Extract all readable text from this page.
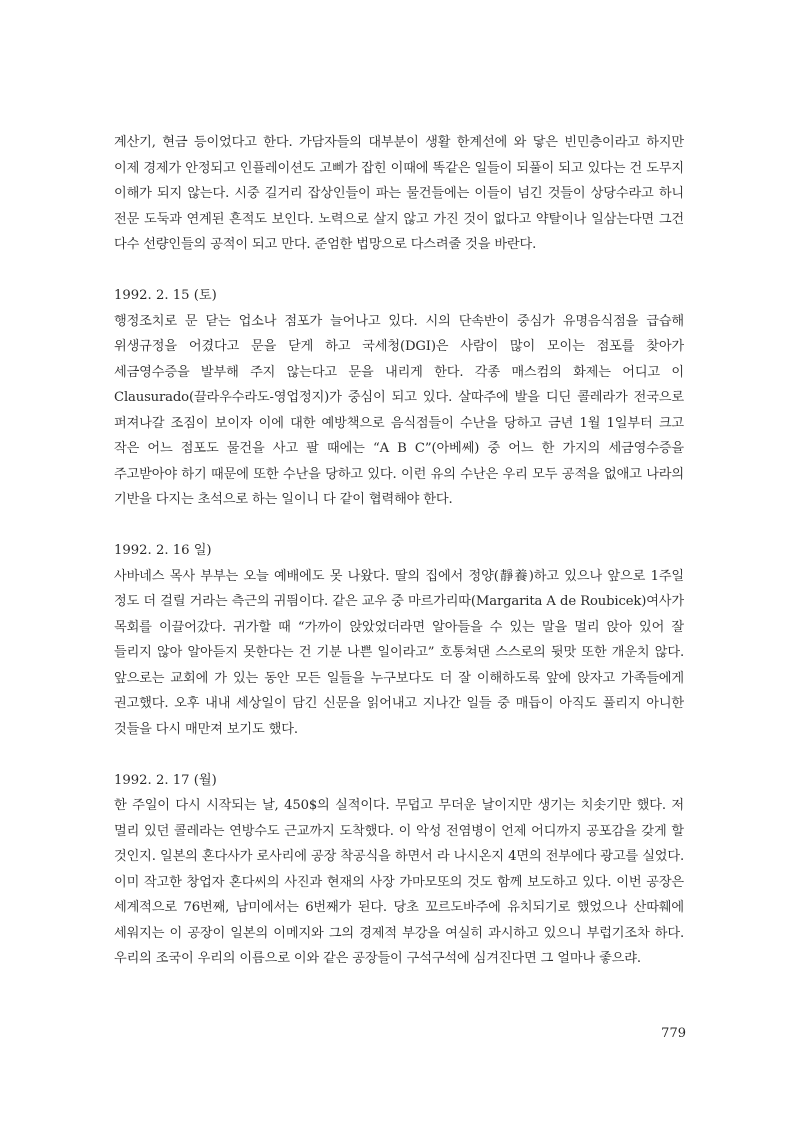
계산기, 현금 등이었다고 한다. 가담자들의 대부분이 생활 한계선에 와 닿은 빈민층이라고 하지만 이제 경제가 안정되고 인플레이션도 고삐가 잡힌 이때에 똑같은 일들이 되풀이 되고 있다는 건 도무지 이해가 되지 않는다. 시중 길거리 잡상인들이 파는 물건들에는 이들이 넘긴 것들이 상당수라고 하니 전문 도둑과 연계된 흔적도 보인다. 노력으로 살지 않고 가진 것이 없다고 약탈이나 일삼는다면 그건 다수 선량인들의 공적이 되고 만다. 준엄한 법망으로 다스려줄 것을 바란다.

1992. 2. 15 (토)

행정조치로 문 닫는 업소나 점포가 늘어나고 있다. 시의 단속반이 중심가 유명음식점을 급습해 위생규정을 어겼다고 문을 닫게 하고 국세청(DGI)은 사람이 많이 모이는 점포를 찾아가 세금영수증을 발부해 주지 않는다고 문을 내리게 한다. 각종 매스컴의 화제는 어디고 이 Clausurado(끌라우수라도-영업정지)가 중심이 되고 있다. 살따주에 발을 디딘 콜레라가 전국으로 퍼져나갈 조짐이 보이자 이에 대한 예방책으로 음식점들이 수난을 당하고 금년 1월 1일부터 크고 작은 어느 점포도 물건을 사고 팔 때에는 “A B C”(아베쎄) 중 어느 한 가지의 세금영수증을 주고받아야 하기 때문에 또한 수난을 당하고 있다. 이런 유의 수난은 우리 모두 공적을 없애고 나라의 기반을 다지는 초석으로 하는 일이니 다 같이 협력해야 한다.

1992. 2. 16 일)

사바네스 목사 부부는 오늘 예배에도 못 나왔다. 딸의 집에서 정양(靜養)하고 있으나 앞으로 1주일 정도 더 걸릴 거라는 측근의 귀띔이다. 같은 교우 중 마르가리따(Margarita A de Roubicek)여사가 목회를 이끌어갔다. 귀가할 때 “가까이 앉았었더라면 알아들을 수 있는 말을 멀리 앉아 있어 잘 들리지 않아 알아듣지 못한다는 건 기분 나쁜 일이라고” 호통쳐댄 스스로의 뒷맛 또한 개운치 않다. 앞으로는 교회에 가 있는 동안 모든 일들을 누구보다도 더 잘 이해하도록 앞에 앉자고 가족들에게 권고했다. 오후 내내 세상일이 담긴 신문을 읽어내고 지나간 일들 중 매듭이 아직도 풀리지 아니한 것들을 다시 매만져 보기도 했다.

1992. 2. 17 (월)

한 주일이 다시 시작되는 날, 450$의 실적이다. 무덥고 무더운 날이지만 생기는 치솟기만 했다. 저 멀리 있던 콜레라는 연방수도 근교까지 도착했다. 이 악성 전염병이 언제 어디까지 공포감을 갖게 할 것인지. 일본의 혼다사가 로사리에 공장 착공식을 하면서 라 나시온지 4면의 전부에다 광고를 실었다. 이미 작고한 창업자 혼다씨의 사진과 현재의 사장 가마모또의 것도 함께 보도하고 있다. 이번 공장은 세계적으로 76번째, 남미에서는 6번째가 된다. 당초 꼬르도바주에 유치되기로 했었으나 산따훼에 세워지는 이 공장이 일본의 이메지와 그의 경제적 부강을 여실히 과시하고 있으니 부럽기조차 하다. 우리의 조국이 우리의 이름으로 이와 같은 공장들이 구석구석에 심겨진다면 그 얼마나 좋으랴.

779
